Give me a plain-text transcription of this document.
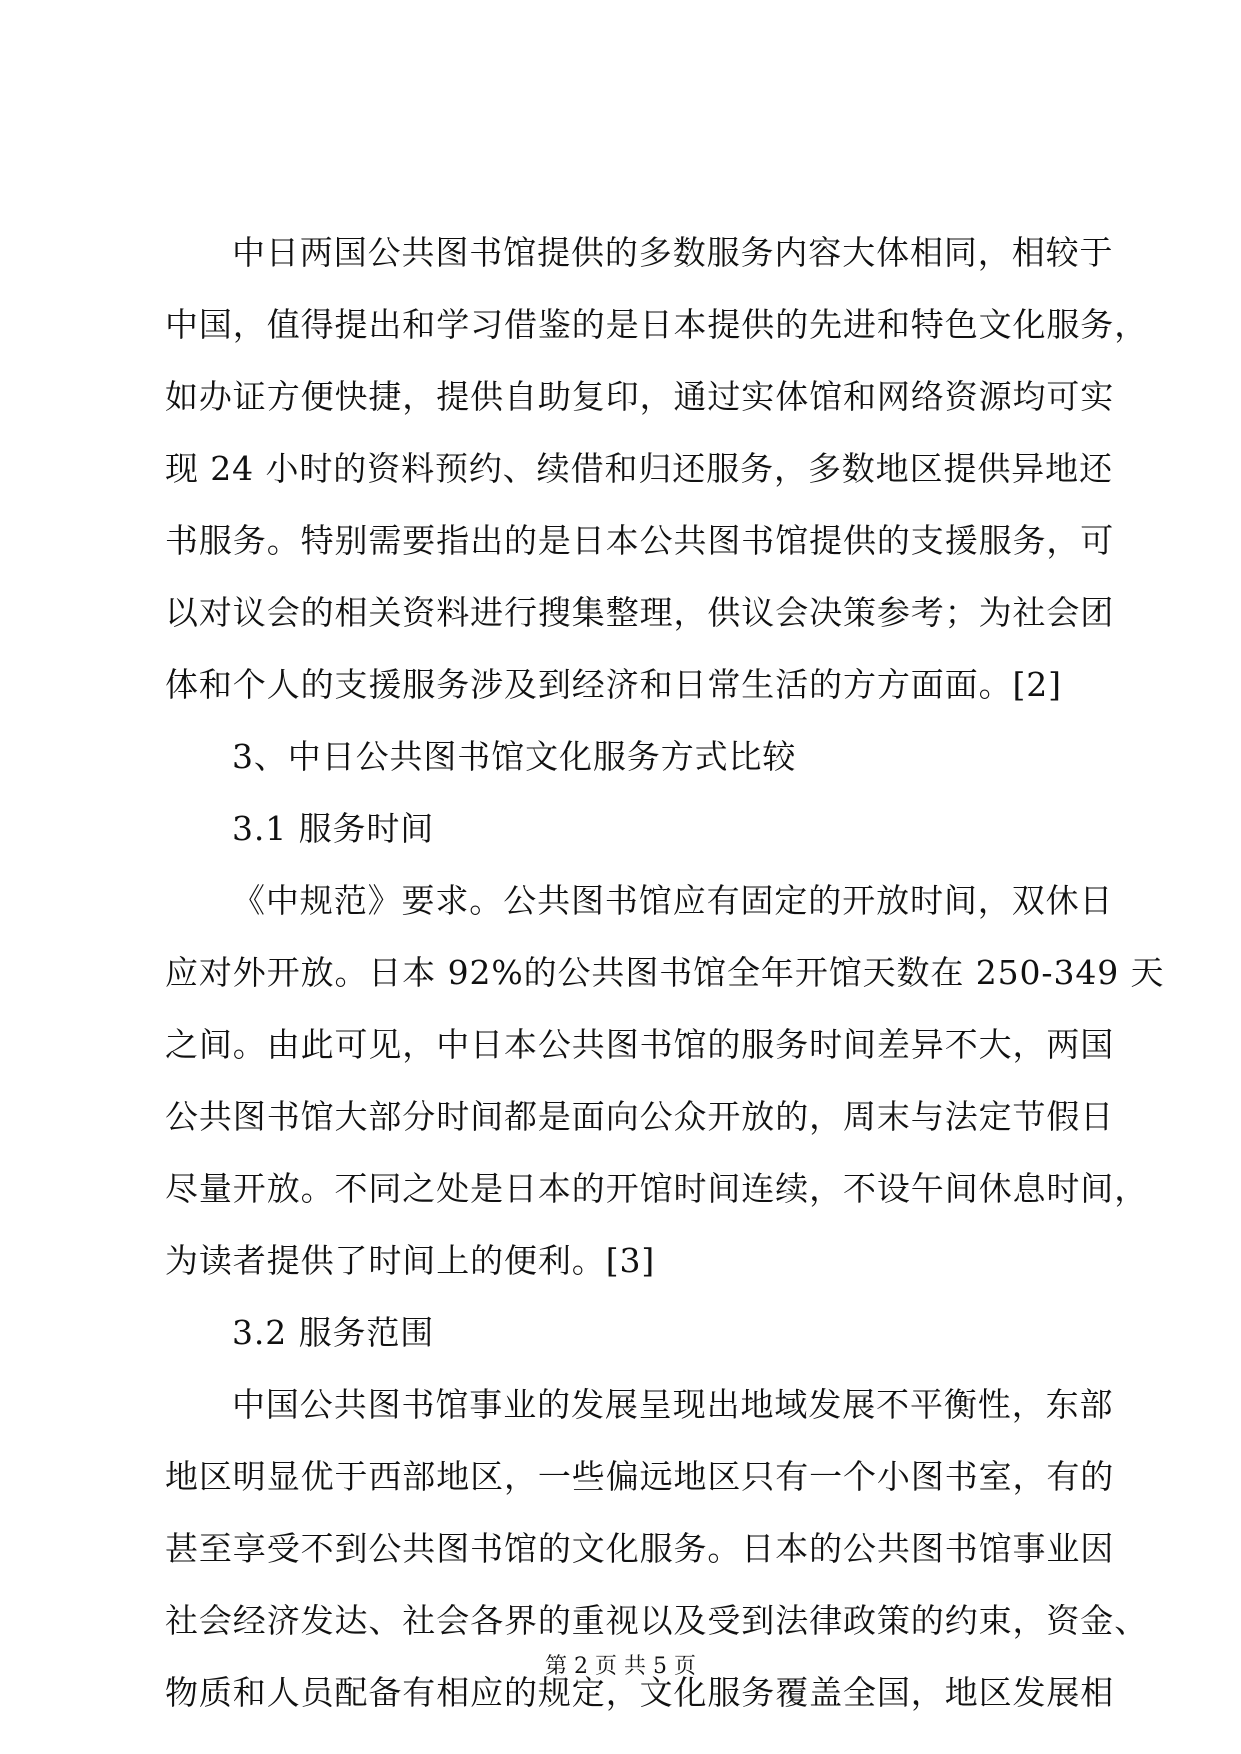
中日两国公共图书馆提供的多数服务内容大体相同，相较于
中国，值得提出和学习借鉴的是日本提供的先进和特色文化服务，
如办证方便快捷，提供自助复印，通过实体馆和网络资源均可实
现 24 小时的资料预约、续借和归还服务，多数地区提供异地还
书服务。特别需要指出的是日本公共图书馆提供的支援服务，可
以对议会的相关资料进行搜集整理，供议会决策参考；为社会团
体和个人的支援服务涉及到经济和日常生活的方方面面。[2]
3、中日公共图书馆文化服务方式比较
3.1 服务时间
《中规范》要求。公共图书馆应有固定的开放时间，双休日
应对外开放。日本 92%的公共图书馆全年开馆天数在 250-349 天
之间。由此可见，中日本公共图书馆的服务时间差异不大，两国
公共图书馆大部分时间都是面向公众开放的，周末与法定节假日
尽量开放。不同之处是日本的开馆时间连续，不设午间休息时间，
为读者提供了时间上的便利。[3]
3.2 服务范围
中国公共图书馆事业的发展呈现出地域发展不平衡性，东部
地区明显优于西部地区，一些偏远地区只有一个小图书室，有的
甚至享受不到公共图书馆的文化服务。日本的公共图书馆事业因
社会经济发达、社会各界的重视以及受到法律政策的约束，资金、
物质和人员配备有相应的规定，文化服务覆盖全国，地区发展相
第 2 页 共 5 页
